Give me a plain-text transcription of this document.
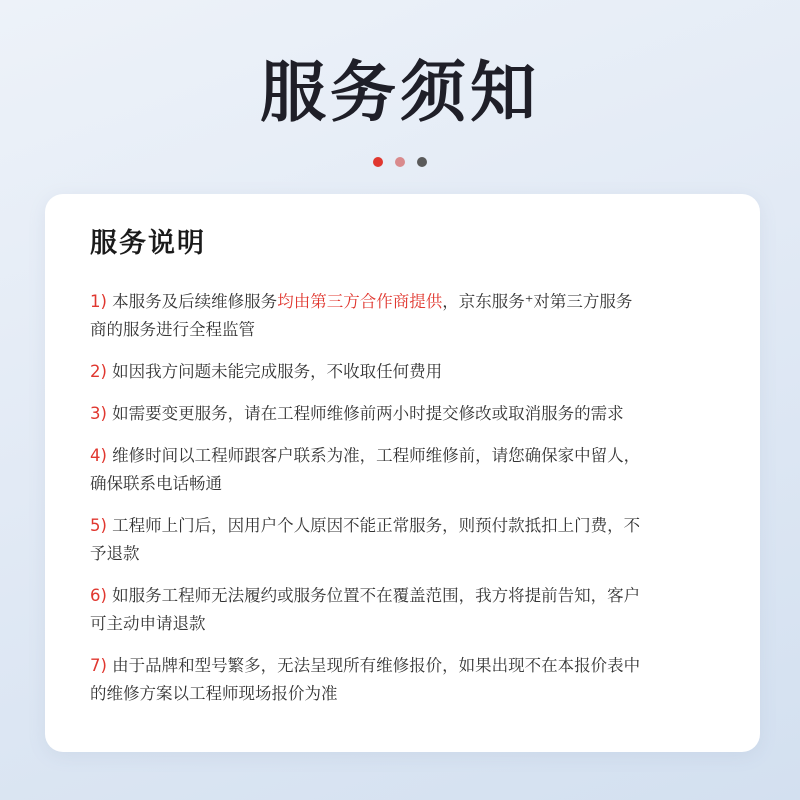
服务须知
服务说明
1) 本服务及后续维修服务均由第三方合作商提供，京东服务⁺对第三方服务
商的服务进行全程监管
2) 如因我方问题未能完成服务，不收取任何费用
3) 如需要变更服务，请在工程师维修前两小时提交修改或取消服务的需求
4) 维修时间以工程师跟客户联系为准，工程师维修前，请您确保家中留人，
确保联系电话畅通
5) 工程师上门后，因用户个人原因不能正常服务，则预付款抵扣上门费，不
予退款
6) 如服务工程师无法履约或服务位置不在覆盖范围，我方将提前告知，客户
可主动申请退款
7) 由于品牌和型号繁多，无法呈现所有维修报价，如果出现不在本报价表中
的维修方案以工程师现场报价为准
